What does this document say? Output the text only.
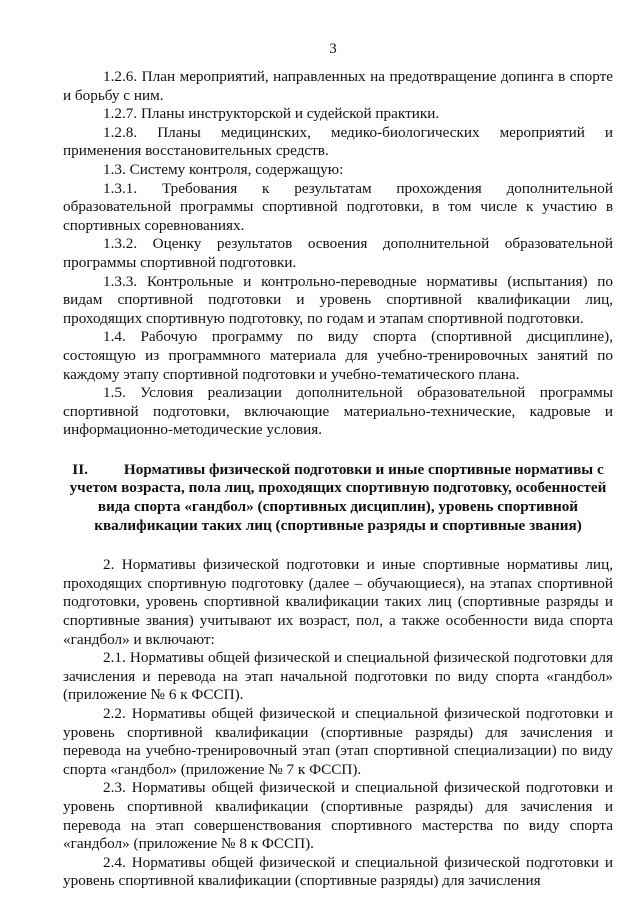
3

1.2.6. План мероприятий, направленных на предотвращение допинга в спорте и борьбу с ним.

1.2.7. Планы инструкторской и судейской практики.

1.2.8. Планы медицинских, медико-биологических мероприятий и применения восстановительных средств.

1.3. Систему контроля, содержащую:

1.3.1. Требования к результатам прохождения дополнительной образовательной программы спортивной подготовки, в том числе к участию в спортивных соревнованиях.

1.3.2. Оценку результатов освоения дополнительной образовательной программы спортивной подготовки.

1.3.3. Контрольные и контрольно-переводные нормативы (испытания) по видам спортивной подготовки и уровень спортивной квалификации лиц, проходящих спортивную подготовку, по годам и этапам спортивной подготовки.

1.4. Рабочую программу по виду спорта (спортивной дисциплине), состоящую из программного материала для учебно-тренировочных занятий по каждому этапу спортивной подготовки и учебно-тематического плана.

1.5. Условия реализации дополнительной образовательной программы спортивной подготовки, включающие материально-технические, кадровые и информационно-методические условия.

II. Нормативы физической подготовки и иные спортивные нормативы с учетом возраста, пола лиц, проходящих спортивную подготовку, особенностей вида спорта «гандбол» (спортивных дисциплин), уровень спортивной квалификации таких лиц (спортивные разряды и спортивные звания)

2. Нормативы физической подготовки и иные спортивные нормативы лиц, проходящих спортивную подготовку (далее – обучающиеся), на этапах спортивной подготовки, уровень спортивной квалификации таких лиц (спортивные разряды и спортивные звания) учитывают их возраст, пол, а также особенности вида спорта «гандбол» и включают:

2.1. Нормативы общей физической и специальной физической подготовки для зачисления и перевода на этап начальной подготовки по виду спорта «гандбол» (приложение № 6 к ФССП).

2.2. Нормативы общей физической и специальной физической подготовки и уровень спортивной квалификации (спортивные разряды) для зачисления и перевода на учебно-тренировочный этап (этап спортивной специализации) по виду спорта «гандбол» (приложение № 7 к ФССП).

2.3. Нормативы общей физической и специальной физической подготовки и уровень спортивной квалификации (спортивные разряды) для зачисления и перевода на этап совершенствования спортивного мастерства по виду спорта «гандбол» (приложение № 8 к ФССП).

2.4. Нормативы общей физической и специальной физической подготовки и уровень спортивной квалификации (спортивные разряды) для зачисления
